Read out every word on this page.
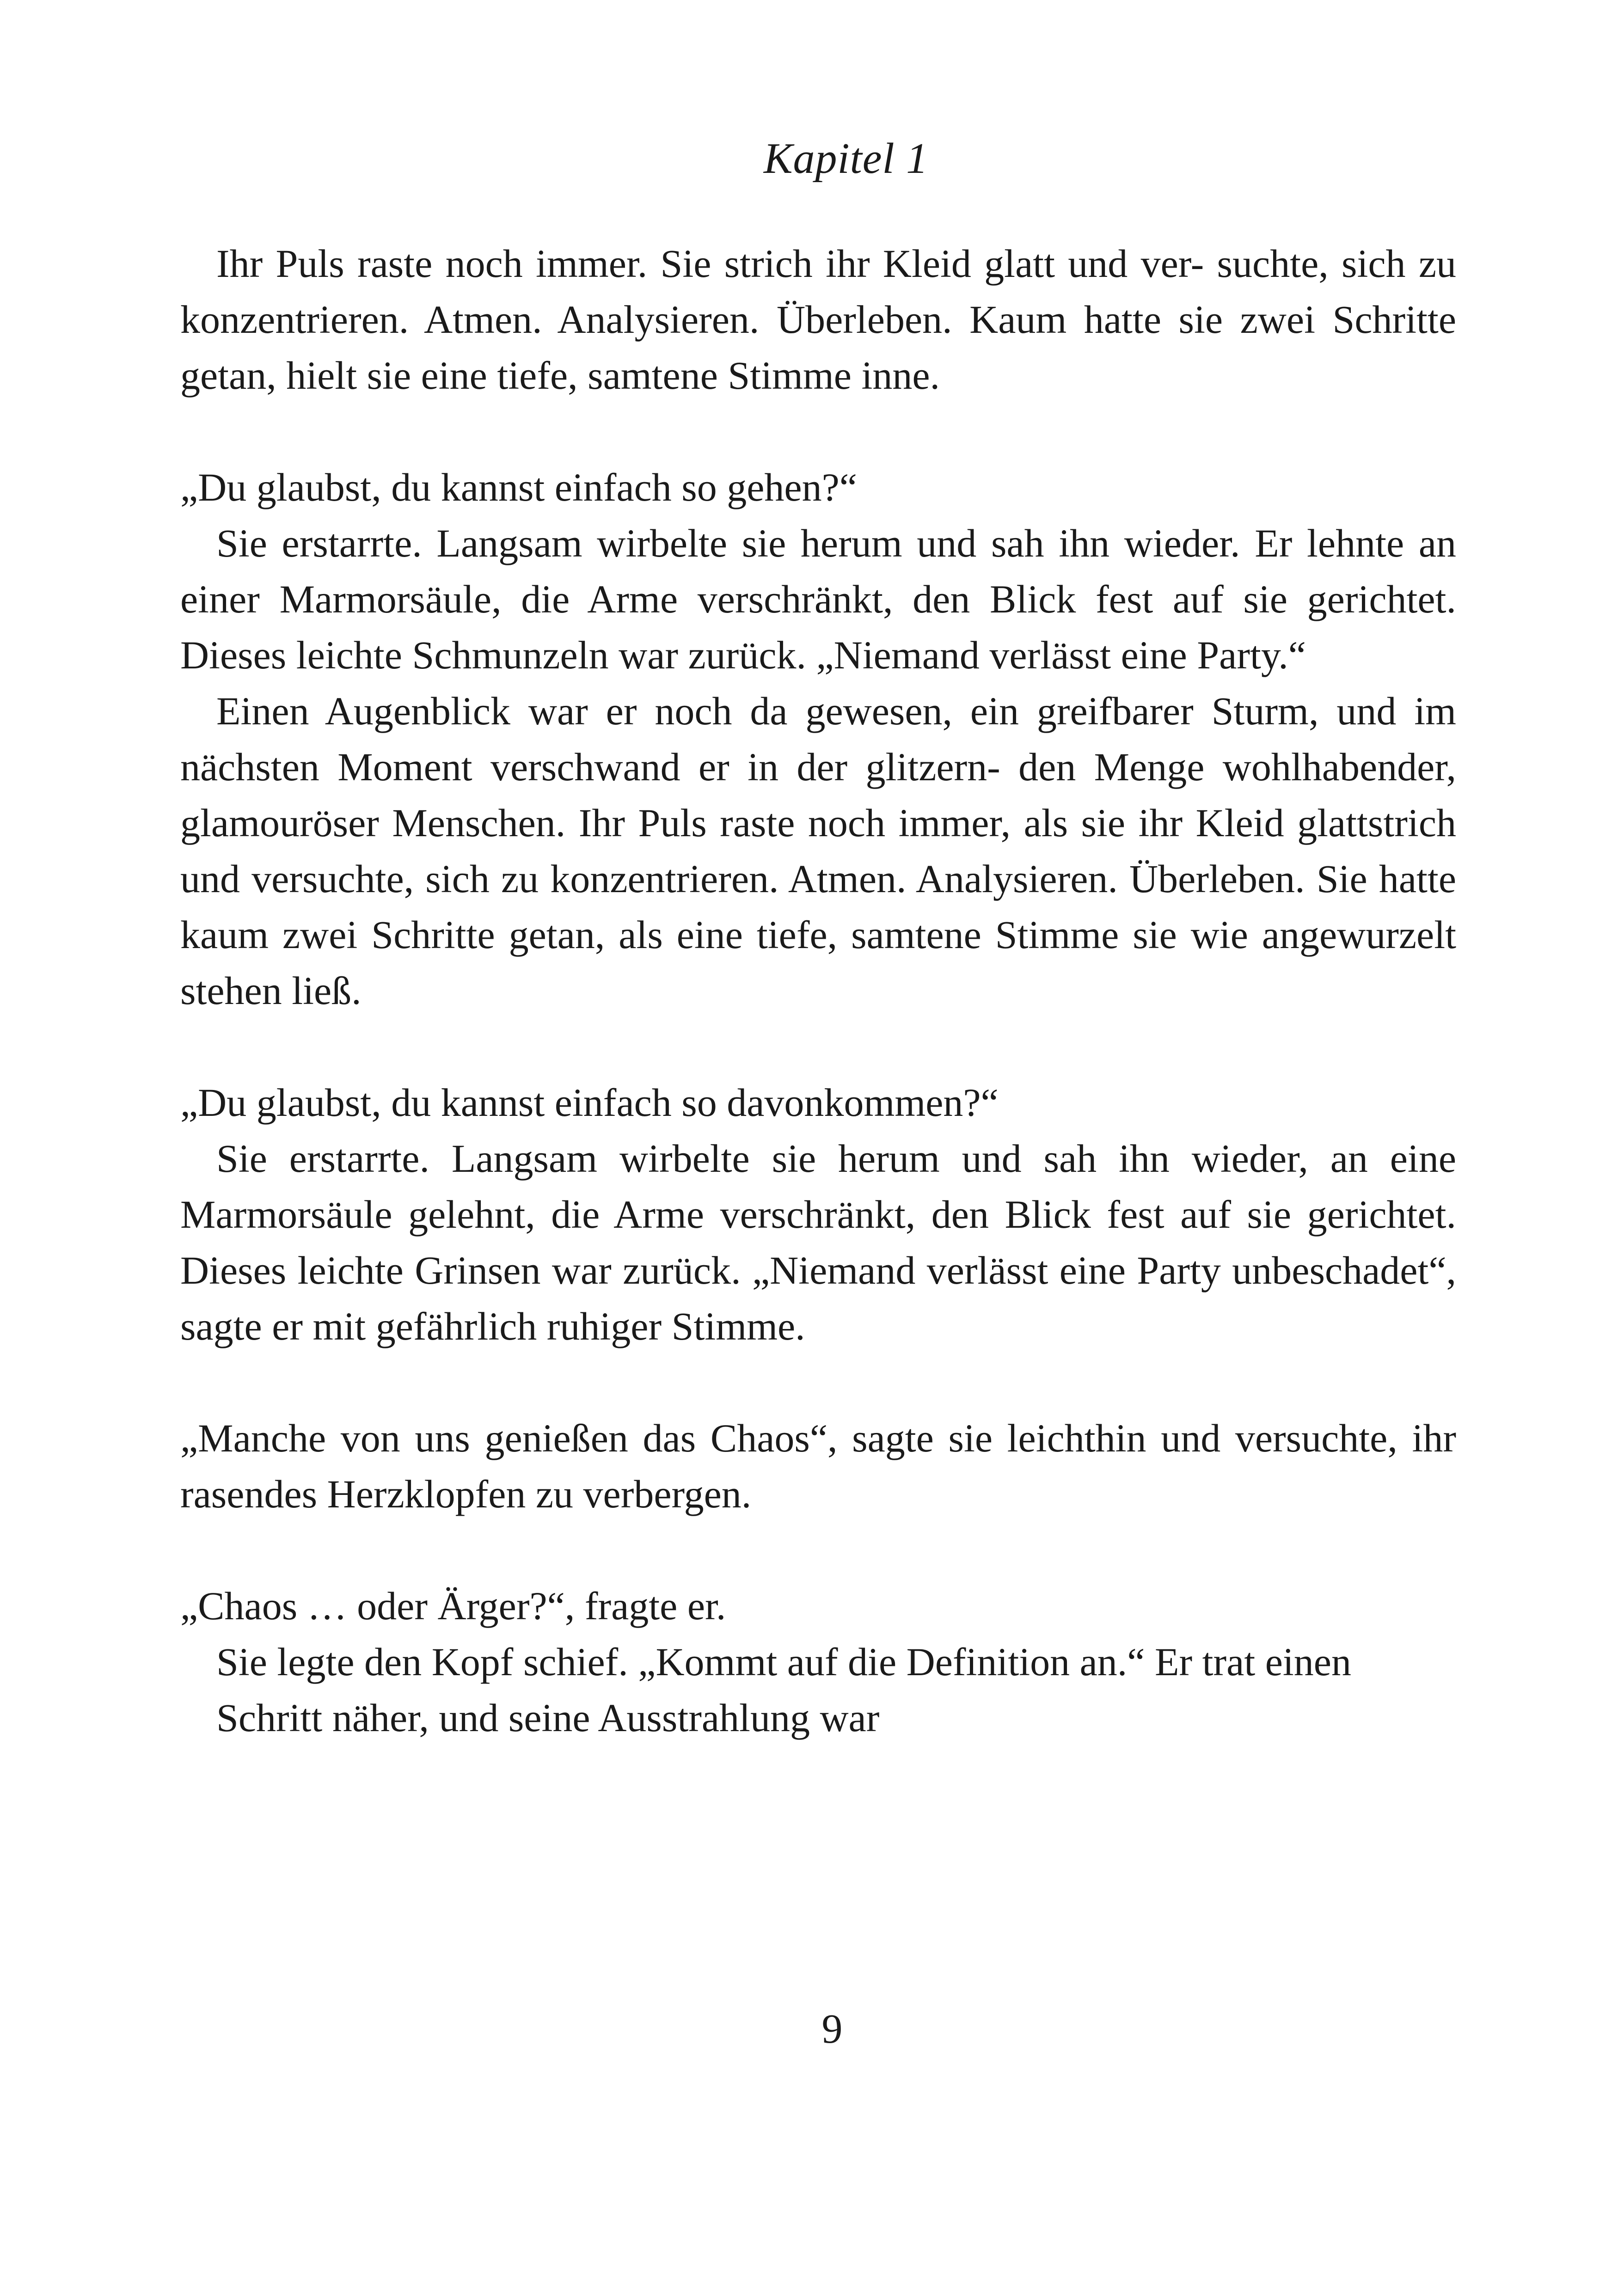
Kapitel 1

Ihr Puls raste noch immer. Sie strich ihr Kleid glatt und ver- suchte, sich zu konzentrieren. Atmen. Analysieren. Überleben. Kaum hatte sie zwei Schritte getan, hielt sie eine tiefe, samtene Stimme inne.

„Du glaubst, du kannst einfach so gehen?“

Sie erstarrte. Langsam wirbelte sie herum und sah ihn wieder. Er lehnte an einer Marmorsäule, die Arme verschränkt, den Blick fest auf sie gerichtet. Dieses leichte Schmunzeln war zurück. „Niemand verlässt eine Party.“

Einen Augenblick war er noch da gewesen, ein greifbarer Sturm, und im nächsten Moment verschwand er in der glitzern- den Menge wohlhabender, glamouröser Menschen. Ihr Puls raste noch immer, als sie ihr Kleid glattstrich und versuchte, sich zu konzentrieren. Atmen. Analysieren. Überleben. Sie hatte kaum zwei Schritte getan, als eine tiefe, samtene Stimme sie wie angewurzelt stehen ließ.

„Du glaubst, du kannst einfach so davonkommen?“

Sie erstarrte. Langsam wirbelte sie herum und sah ihn wieder, an eine Marmorsäule gelehnt, die Arme verschränkt, den Blick fest auf sie gerichtet. Dieses leichte Grinsen war zurück. „Niemand verlässt eine Party unbeschadet“, sagte er mit gefährlich ruhiger Stimme.

„Manche von uns genießen das Chaos“, sagte sie leichthin und versuchte, ihr rasendes Herzklopfen zu verbergen.

„Chaos … oder Ärger?“, fragte er.

Sie legte den Kopf schief. „Kommt auf die Definition an.“ Er trat einen

Schritt näher, und seine Ausstrahlung war

9
